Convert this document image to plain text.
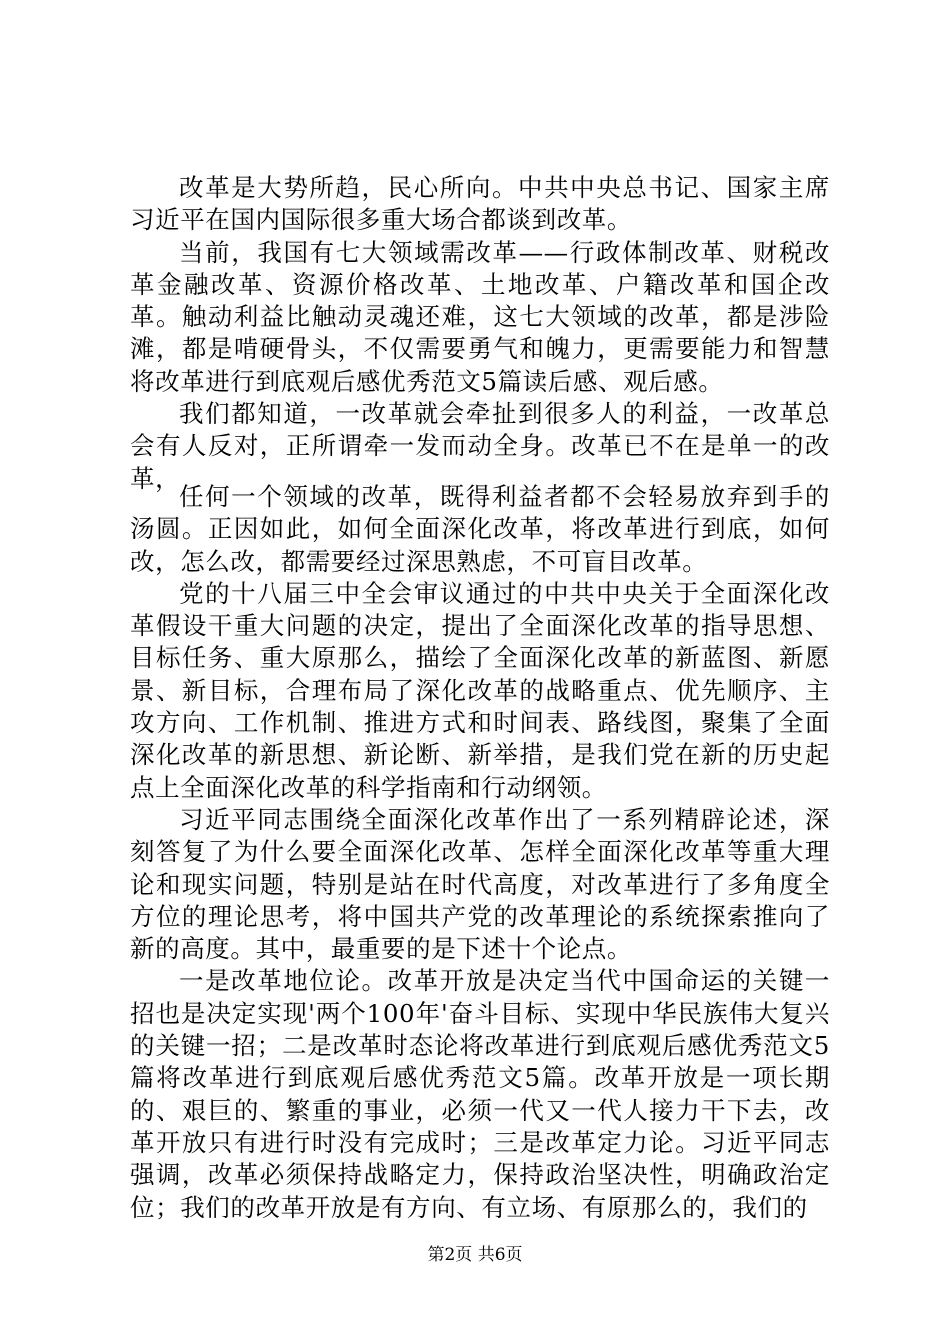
改革是大势所趋，民心所向。中共中央总书记、国家主席习近平在国内国际很多重大场合都谈到改革。

当前，我国有七大领域需改革——行政体制改革、财税改革金融改革、资源价格改革、土地改革、户籍改革和国企改革。触动利益比触动灵魂还难，这七大领域的改革，都是涉险滩，都是啃硬骨头，不仅需要勇气和魄力，更需要能力和智慧将改革进行到底观后感优秀范文5篇读后感、观后感。

我们都知道，一改革就会牵扯到很多人的利益，一改革总会有人反对，正所谓牵一发而动全身。改革已不在是单一的改革，

任何一个领域的改革，既得利益者都不会轻易放弃到手的汤圆。正因如此，如何全面深化改革，将改革进行到底，如何改，怎么改，都需要经过深思熟虑，不可盲目改革。

党的十八届三中全会审议通过的中共中央关于全面深化改革假设干重大问题的决定，提出了全面深化改革的指导思想、目标任务、重大原那么，描绘了全面深化改革的新蓝图、新愿景、新目标，合理布局了深化改革的战略重点、优先顺序、主攻方向、工作机制、推进方式和时间表、路线图，聚集了全面深化改革的新思想、新论断、新举措，是我们党在新的历史起点上全面深化改革的科学指南和行动纲领。

习近平同志围绕全面深化改革作出了一系列精辟论述，深刻答复了为什么要全面深化改革、怎样全面深化改革等重大理论和现实问题，特别是站在时代高度，对改革进行了多角度全方位的理论思考，将中国共产党的改革理论的系统探索推向了新的高度。其中，最重要的是下述十个论点。

一是改革地位论。改革开放是决定当代中国命运的关键一招也是决定实现'两个100年'奋斗目标、实现中华民族伟大复兴的关键一招；二是改革时态论将改革进行到底观后感优秀范文5篇将改革进行到底观后感优秀范文5篇。改革开放是一项长期的、艰巨的、繁重的事业，必须一代又一代人接力干下去，改革开放只有进行时没有完成时；三是改革定力论。习近平同志强调，改革必须保持战略定力，保持政治坚决性，明确政治定位；我们的改革开放是有方向、有立场、有原那么的，我们的

第2页 共6页
